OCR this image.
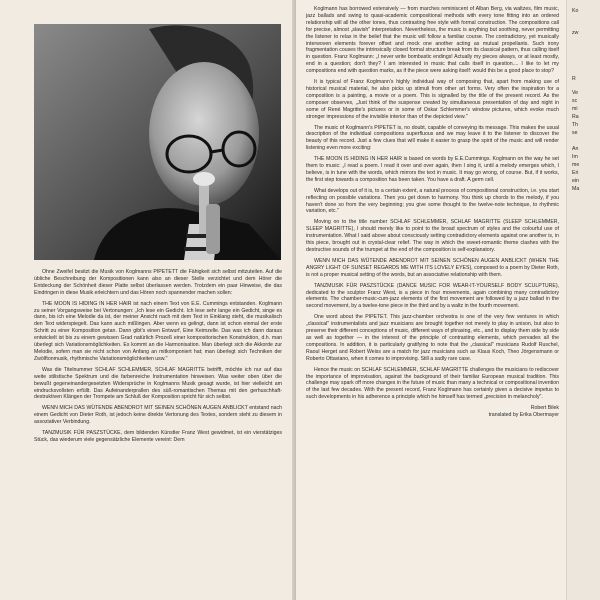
Ohne Zweifel besitzt die Musik von Koglmanns PIPETETT die Fähigkeit sich selbst mitzuteilen. Auf die übliche Beschreibung der Kompositionen kann also an dieser Stelle verzichtet und dem Hörer die Entdeckung der Schönheit dieser Platte selbst überlassen werden. Trotzdem ein paar Hinweise, die das Eindringen in diese Musik erleichtern und das Hören noch spannender machen sollen:

THE MOON IS HIDING IN HER HAIR ist nach einem Text von E.E. Cummings entstanden. Koglmann zu seiner Vorgangsweise bei Vertonungen: „Ich lese ein Gedicht. Ich lese sehr lange ein Gedicht, singe es dann, bis ich eine Melodie da ist, der meiner Ansicht nach mit dem Text in Einklang steht, die musikalisch den Text widerspiegelt. Das kann auch mißlingen. Aber wenn es gelingt, dann ist schon einmal der erste Schritt zu einer Komposition getan. Dann gibt's einen Entwurf, Eine Keimzelle. Das was ich dann daraus entwickelt ist bis zu einem gewissen Grad natürlich Prozeß einer kompositorischen Konstruktion, d.h. man überlegt sich Variationsmöglichkeiten. Es kommt an die Harmonisation. Man überlegt sich die Akkorde zur Melodie, sofern man sie nicht schon von Anfang an mitkomponiert hat; man überlegt sich Techniken der Zwölftonmusik, rhythmische Variationsmöglichkeiten usw."

Was die Titelnummer SCHLAF SCHLEMMER, SCHLAF MAGRITTE betrifft, möchte ich nur auf das weite stilistische Spektrum und die farbenreiche Instrumentation hinweisen. Was weiter oben über die bewußt gegeneinandergesetzten Widersprüche in Koglmanns Musik gesagt wurde, ist hier vielleicht am eindrucksvollsten erfüllt. Das Aufeinanderprallen des süß-romantischen Themas mit den gerhuschhaft-destruktiven Klängen der Trompete am Schluß der Komposition spricht für sich selbst.

WENN MICH DAS WÜTENDE ABENDROT MIT SEINEN SCHÖNEN AUGEN ANBLICKT entstand nach einem Gedicht von Dieter Roth, ist jedoch keine direkte Vertonung des Textes, sondern steht zu diesem in assoziativer Verbindung.

TANZMUSIK FÜR PASZSTÜCKE, dem bildenden Künstler Franz West gewidmet, ist ein vierstätziges Stück, das wiederum viele gegensätzliche Elemente vereint: Dem

Koglmann has borrowed extensively — from marches reminiscent of Alban Berg, via waltzes, film music, jazz ballads and swing to quasi-academic compositional methods with every tone fitting into an ordered relationship will all the other tones, thus contrasting free style with formal construction. The compositions call for precise, almost „slavish" interpretation. Nevertheless, the music is anything but soothing, never permitting the listener to relax in the belief that the music will follow a familiar course. The contradictory, yet musically interwoven elements forever offset and mock one another acting as mutual propellants. Such irony fragmentation couses the intrinsically closed formal structure break from its classical pattern, thus calling itself in question. Franz Koglmann: „I never write bombastic endings! Actually my pieces always, or at least mostly, end in a question; don't they? I am interested in music that calls itself in question.... I like to let my compositions end with question marks, as if the piece were asking itself: would this be a good place to stop?

It is typical of Franz Koglmann's highly individual way of composing that, apart from making use of historical musical material, he also picks up stimuli from other art forms. Very often the inspiration for a composition is a painting, a movie or a poem. This is signalled by the title of the present record. As the composer observes, „Just think of the suspense created by simultaneous presentation of day and night in some of René Magritte's pictures or in some of Oskar Schlemmer's window pictures, which evoke much stronger impressions of the invisible interior than of the depicted view."

The music of Koglmann's PIPETET is, no doubt, capable of conveying its message. This makes the usual description of the individual compositions superfluous and we may leave it to the listener to discover the beauty of this record. Just a few clues that will make it easier to grasp the spirit of the music and will render listening even more exciting:

THE MOON IS HIDING IN HER HAIR is based on words by E.E.Cummings. Koglmann on the way he set them to music: „I read a poem. I read it over and over again, then I sing it, until a melody emerges which, I believe, is in tune with the words, which mirrors the text in music. It may go wrong, of course. But, if it works, the first step towards a composition has been taken. You have a draft. A germ cell.

What develops out of it is, to a certain extent, a natural process of compositional construction, i.e. you start reflecting on possible variations. Then you get down to harmony. You think up chords to the melody, if you haven't done so from the very beginning; you give some thought to the twelve-note technique, to rhythmic variation, etc."

Moving on to the title number SCHLAF SCHLEMMER, SCHLAF MAGRITTE (SLEEP SCHLEMMER, SLEEP MAGRITTE), I should merely like to point to the broad spectrum of styles and the colourful use of instrumentation. What I said above about consciously setting contradictory elements against one another is, in this piece, brought out in crystal-clear relief. The way in which the sweet-romantic theme clashes with the destructive sounds of the trumpet at the end of the composition is self-explanatory.

WENN MICH DAS WÜTENDE ABENDROT MIT SEINEN SCHÖNEN AUGEN ANBLICKT (WHEN THE ANGRY LIGHT OF SUNSET REGARDS ME WITH ITS LOVELY EYES), composed to a poem by Dieter Roth, is not a proper musical setting of the words, but an associative relationship with them.

TANZMUSIK FÜR PASZSTÜCKE (DANCE MUSIC FOR WEAR-IT-YOURSELF BODY SCULPTURE), dedicated to the sculptor Franz West, is a piece in four movements, again combining many contradictory elements. The chamber-music-cum-jazz elements of the first movement are followed by a jazz ballad in the second movement, by a twelve-tone piece in the third and by a waltz in the fourth movement.

One word about the PIPETET. This jazz-chamber orchestra is one of the very few ventures in which „classical" instrumentalists and jazz musicians are brought together not merely to play in unison, but also to preserve their different conceptions of music, different ways of phrasing, etc., and to display them side by side as well as together — in the interest of the principle of contrasting elements, which pervades all the compositions. In addition, it is particularly gratifying to note that the „classical" musicians Rudolf Ruschel, Raoul Herget and Robert Weiss are a match for jazz musicians such as Klaus Koch, Theo Jörgensmann or Roberto Ottaviano, when it comes to improvising. Still a sadly rare case.

Hence the music on SCHLAF SCHLEMMER, SCHLAF MAGRITTE challenges the musicians to rediscover the importance of improvisation, against the background of their familiar European musical tradition. This challenge may spark off more changes in the future of music than many a technical or compositional invention of the last few decades. With the present record, Franz Koglmann has certainly given a decisive impetus to such developments in his adherence a principle which he himself has termed „precision in melancholy".

Robert Bilek

translated by Erika Obermayer

Ko
zw
R
Ve
sc
mi
Ra
Th
se
An
Im
me
Eri
ein
Ma
